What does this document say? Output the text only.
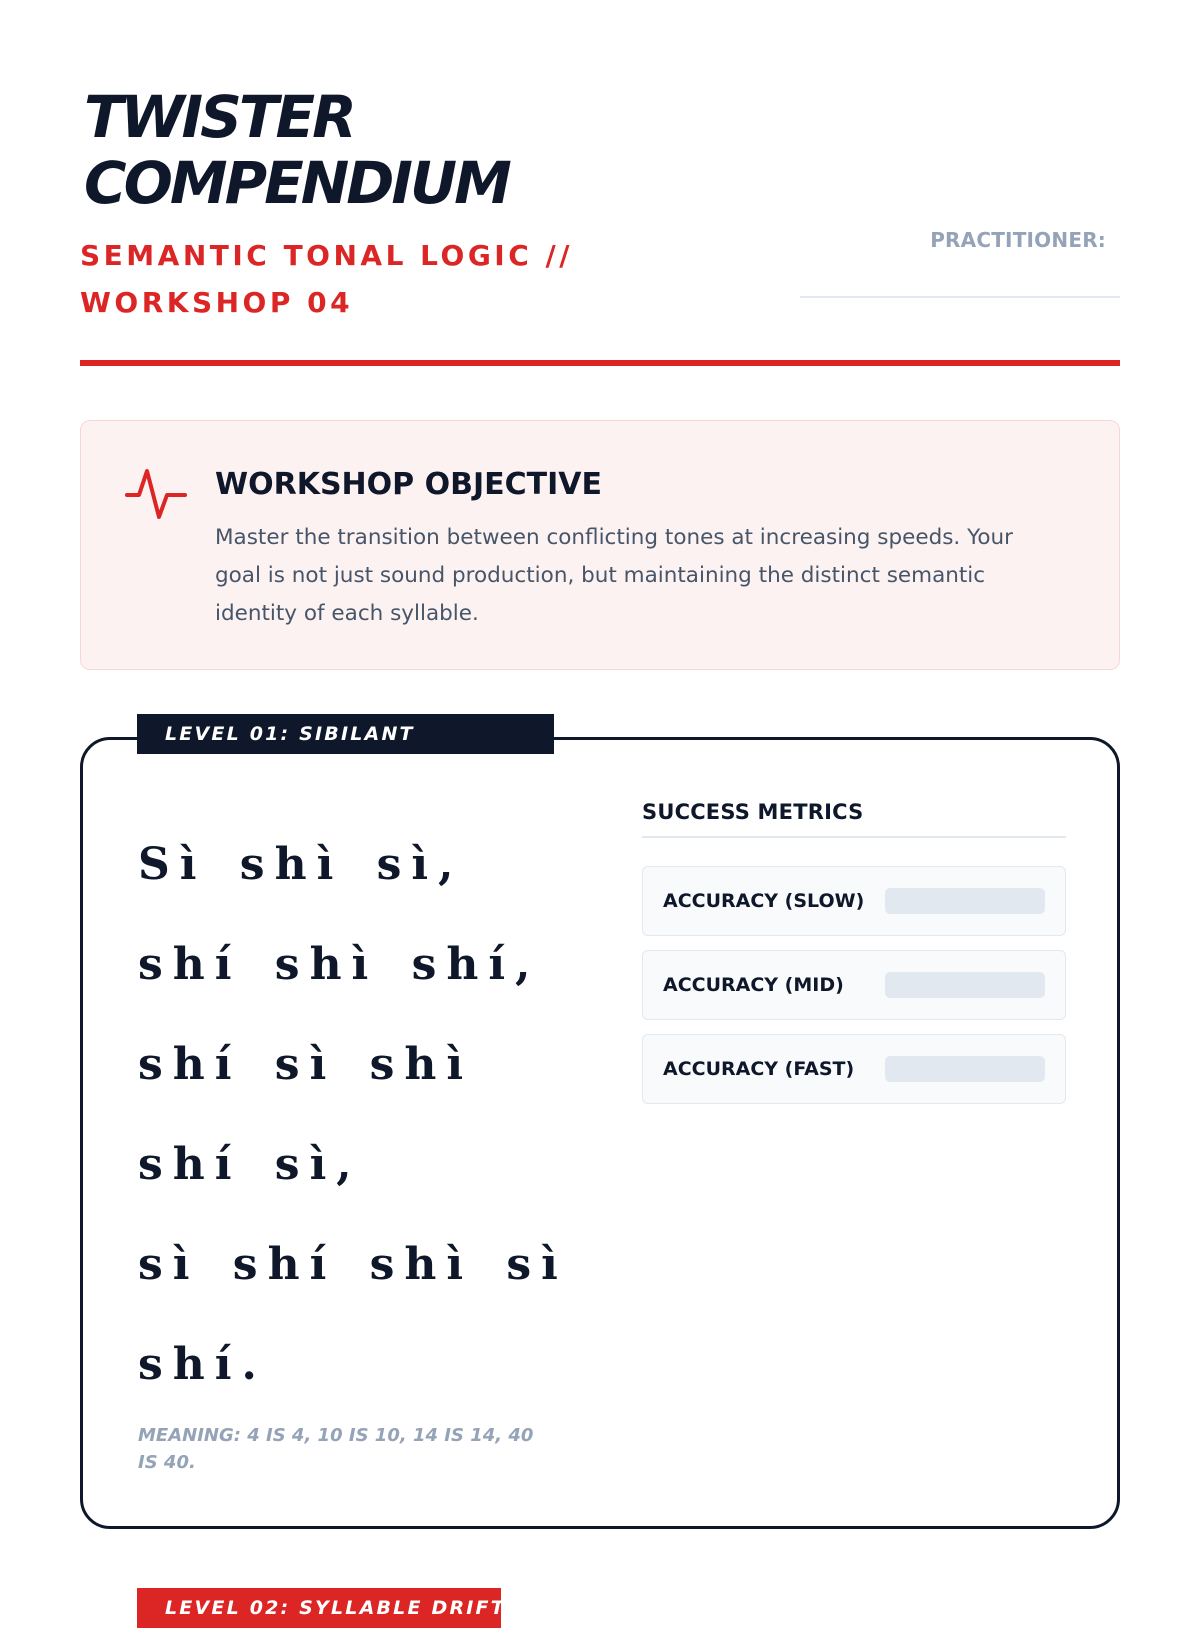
TWISTER
COMPENDIUM
SEMANTIC TONAL LOGIC // WORKSHOP 04
PRACTITIONER:
WORKSHOP OBJECTIVE

Master the transition between conflicting tones at increasing speeds. Your goal is not just sound production, but maintaining the distinct semantic identity of each syllable.

LEVEL 01: SIBILANT CONTRAST
Sì shì sì,
shí shì shí,
shí sì shì shí sì,
sì shí shì sì shí.
MEANING: 4 IS 4, 10 IS 10, 14 IS 14, 40 IS 40.
SUCCESS METRICS
ACCURACY (SLOW)
ACCURACY (MID)
ACCURACY (FAST)
LEVEL 02: SYLLABLE DRIFT
